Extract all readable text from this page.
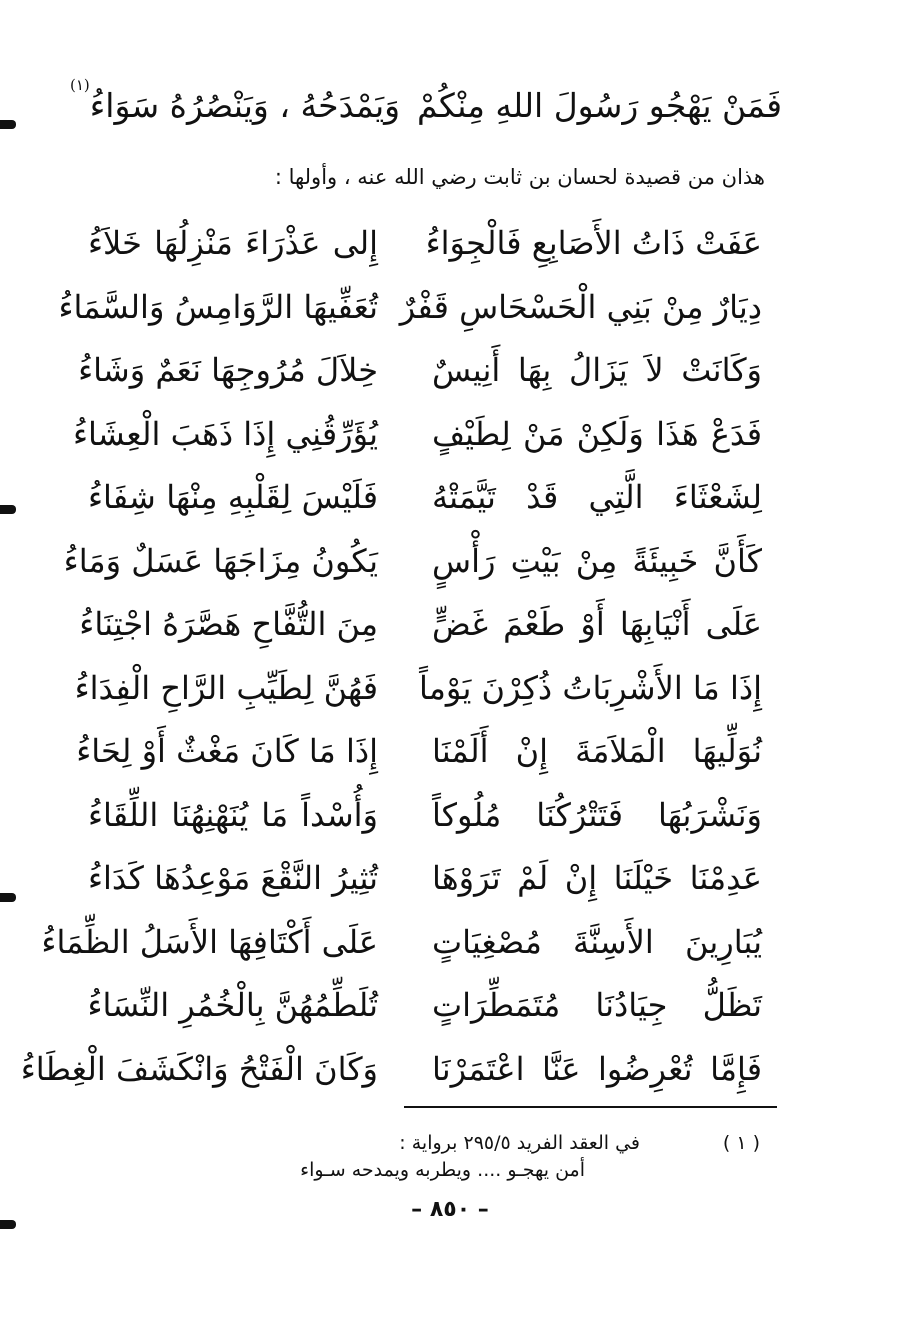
فَمَنْ يَهْجُو رَسُولَ اللهِ مِنْكُمْ
وَيَمْدَحُهُ ، وَيَنْصُرُهُ سَوَاءُ$^{(١)}$
هذان من قصيدة لحسان بن ثابت رضي الله عنه ، وأولها :
عَفَتْ ذَاتُ الأَصَابِعِ فَالْجِوَاءُ
إِلى عَذْرَاءَ مَنْزِلُهَا خَلاَءُ
دِيَارٌ مِنْ بَنِي الْحَسْحَاسِ قَفْرٌ
تُعَفِّيهَا الرَّوَامِسُ وَالسَّمَاءُ
وَكَانَتْ لاَ يَزَالُ بِهَا أَنِيسٌ
خِلاَلَ مُرُوجِهَا نَعَمٌ وَشَاءُ
فَدَعْ هَذَا وَلَكِنْ مَنْ لِطَيْفٍ
يُؤَرِّقُنِي إِذَا ذَهَبَ الْعِشَاءُ
لِشَعْثَاءَ الَّتِي قَدْ تَيَّمَتْهُ
فَلَيْسَ لِقَلْبِهِ مِنْهَا شِفَاءُ
كَأَنَّ خَبِيئَةً مِنْ بَيْتِ رَأْسٍ
يَكُونُ مِزَاجَهَا عَسَلٌ وَمَاءُ
عَلَى أَنْيَابِهَا أَوْ طَعْمَ غَضٍّ
مِنَ التُّفَّاحِ هَصَّرَهُ اجْتِنَاءُ
إِذَا مَا الأَشْرِبَاتُ ذُكِرْنَ يَوْماً
فَهُنَّ لِطَيِّبِ الرَّاحِ الْفِدَاءُ
نُوَلِّيهَا الْمَلاَمَةَ إِنْ أَلَمْنَا
إِذَا مَا كَانَ مَغْثٌ أَوْ لِحَاءُ
وَنَشْرَبُهَا فَتَتْرُكُنَا مُلُوكاً
وَأُسْداً مَا يُنَهْنِهُنَا اللِّقَاءُ
عَدِمْنَا خَيْلَنَا إِنْ لَمْ تَرَوْهَا
تُثِيرُ النَّقْعَ مَوْعِدُهَا كَدَاءُ
يُبَارِينَ الأَسِنَّةَ مُصْغِيَاتٍ
عَلَى أَكْتَافِهَا الأَسَلُ الظِّمَاءُ
تَظَلُّ جِيَادُنَا مُتَمَطِّرَاتٍ
تُلَطِّمُهُنَّ بِالْخُمُرِ النِّسَاءُ
فَإِمَّا تُعْرِضُوا عَنَّا اعْتَمَرْنَا
وَكَانَ الْفَتْحُ وَانْكَشَفَ الْغِطَاءُ
( ١ )
في العقد الفريد ٢٩٥/٥ برواية :
أمن يهجـو .... ويطربه ويمدحه سـواء
– ٨٥٠ –
